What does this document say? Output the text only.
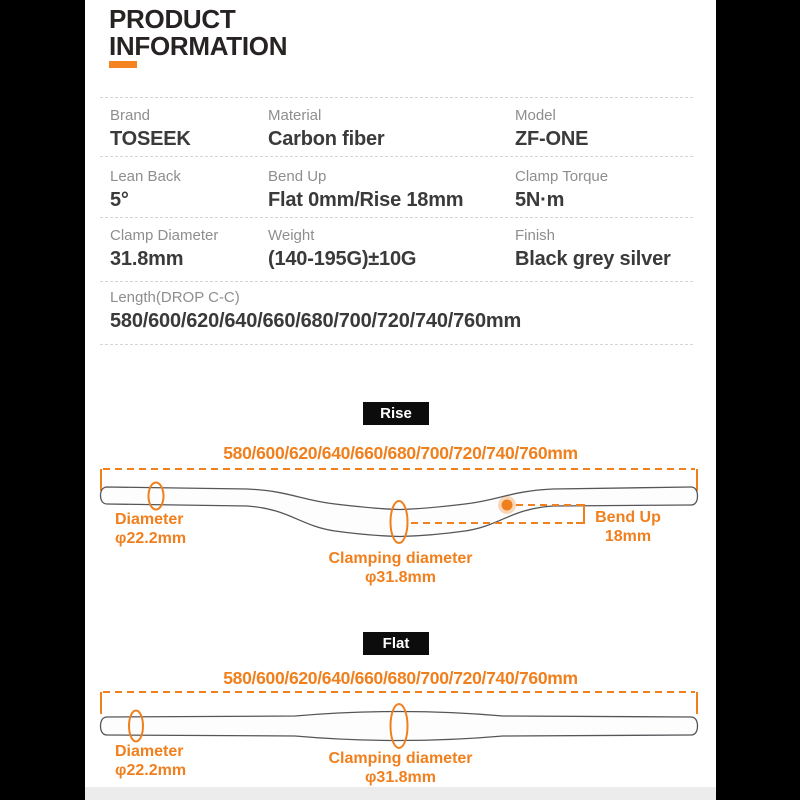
PRODUCT
INFORMATION
Brand
TOSEEK
Material
Carbon fiber
Model
ZF-ONE
Lean Back
5°
Bend Up
Flat 0mm/Rise 18mm
Clamp Torque
5N·m
Clamp Diameter
31.8mm
Weight
(140-195G)±10G
Finish
Black grey silver
Length(DROP C-C)
580/600/620/640/660/680/700/720/740/760mm
Rise
Flat
580/600/620/640/660/680/700/720/740/760mm
Diameter
φ22.2mm
Clamping diameter
φ31.8mm
Bend Up
18mm
580/600/620/640/660/680/700/720/740/760mm
Diameter
φ22.2mm
Clamping diameter
φ31.8mm
